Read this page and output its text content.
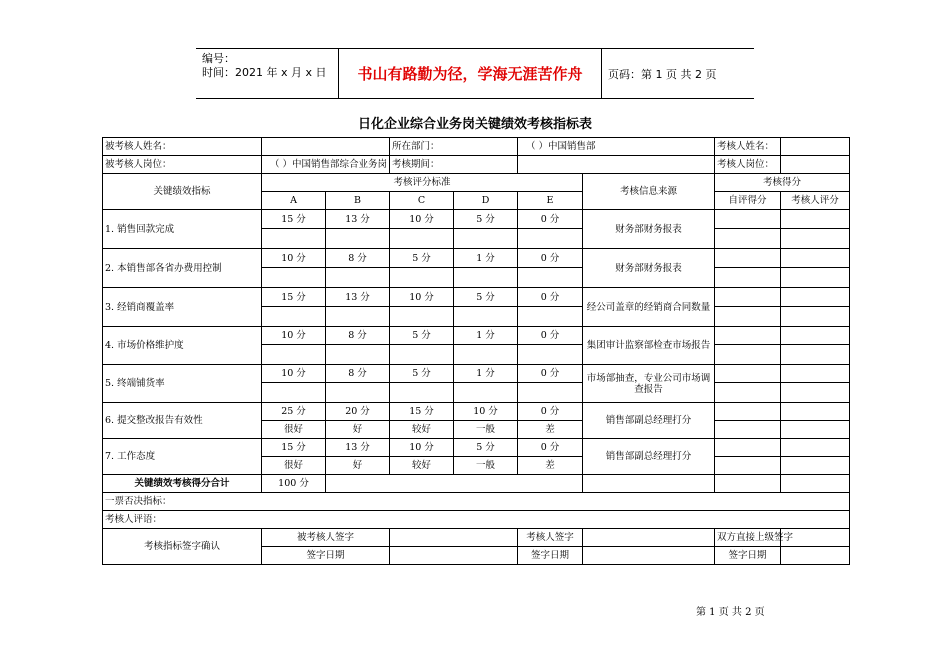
编号：
时间：2021 年 x 月 x 日	书山有路勤为径，学海无涯苦作舟	页码：第 1 页 共 2 页
日化企业综合业务岗关键绩效考核指标表
被考核人姓名：			所在部门：		（ ）中国销售部		考核人姓名：	
被考核人岗位：	（ ）中国销售部综合业务岗		考核期间：				考核人岗位：	
关键绩效指标	考核评分标准					考核信息来源	考核得分	
	A	B	C	D	E		自评得分	考核人评分
1. 销售回款完成	15 分	13 分	10 分	5 分	0 分	财务部财务报表		

2. 本销售部各省办费用控制	10 分	8 分	5 分	1 分	0 分	财务部财务报表		

3. 经销商覆盖率	15 分	13 分	10 分	5 分	0 分	经公司盖章的经销商合同数量		

4. 市场价格维护度	10 分	8 分	5 分	1 分	0 分	集团审计监察部检查市场报告		

5. 终端铺货率	10 分	8 分	5 分	1 分	0 分	市场部抽查，专业公司市场调查报告		

6. 提交整改报告有效性	25 分	20 分	15 分	10 分	0 分	销售部副总经理打分		
	很好	好	较好	一般	差			
7. 工作态度	15 分	13 分	10 分	5 分	0 分	销售部副总经理打分		
	很好	好	较好	一般	差			
关键绩效考核得分合计	100 分							
一票否决指标：								
考核人评语：								
考核指标签字确认	被考核人签字				考核人签字		双方直接上级签字	
	签字日期				签字日期		签字日期	
第 1 页 共 2 页
